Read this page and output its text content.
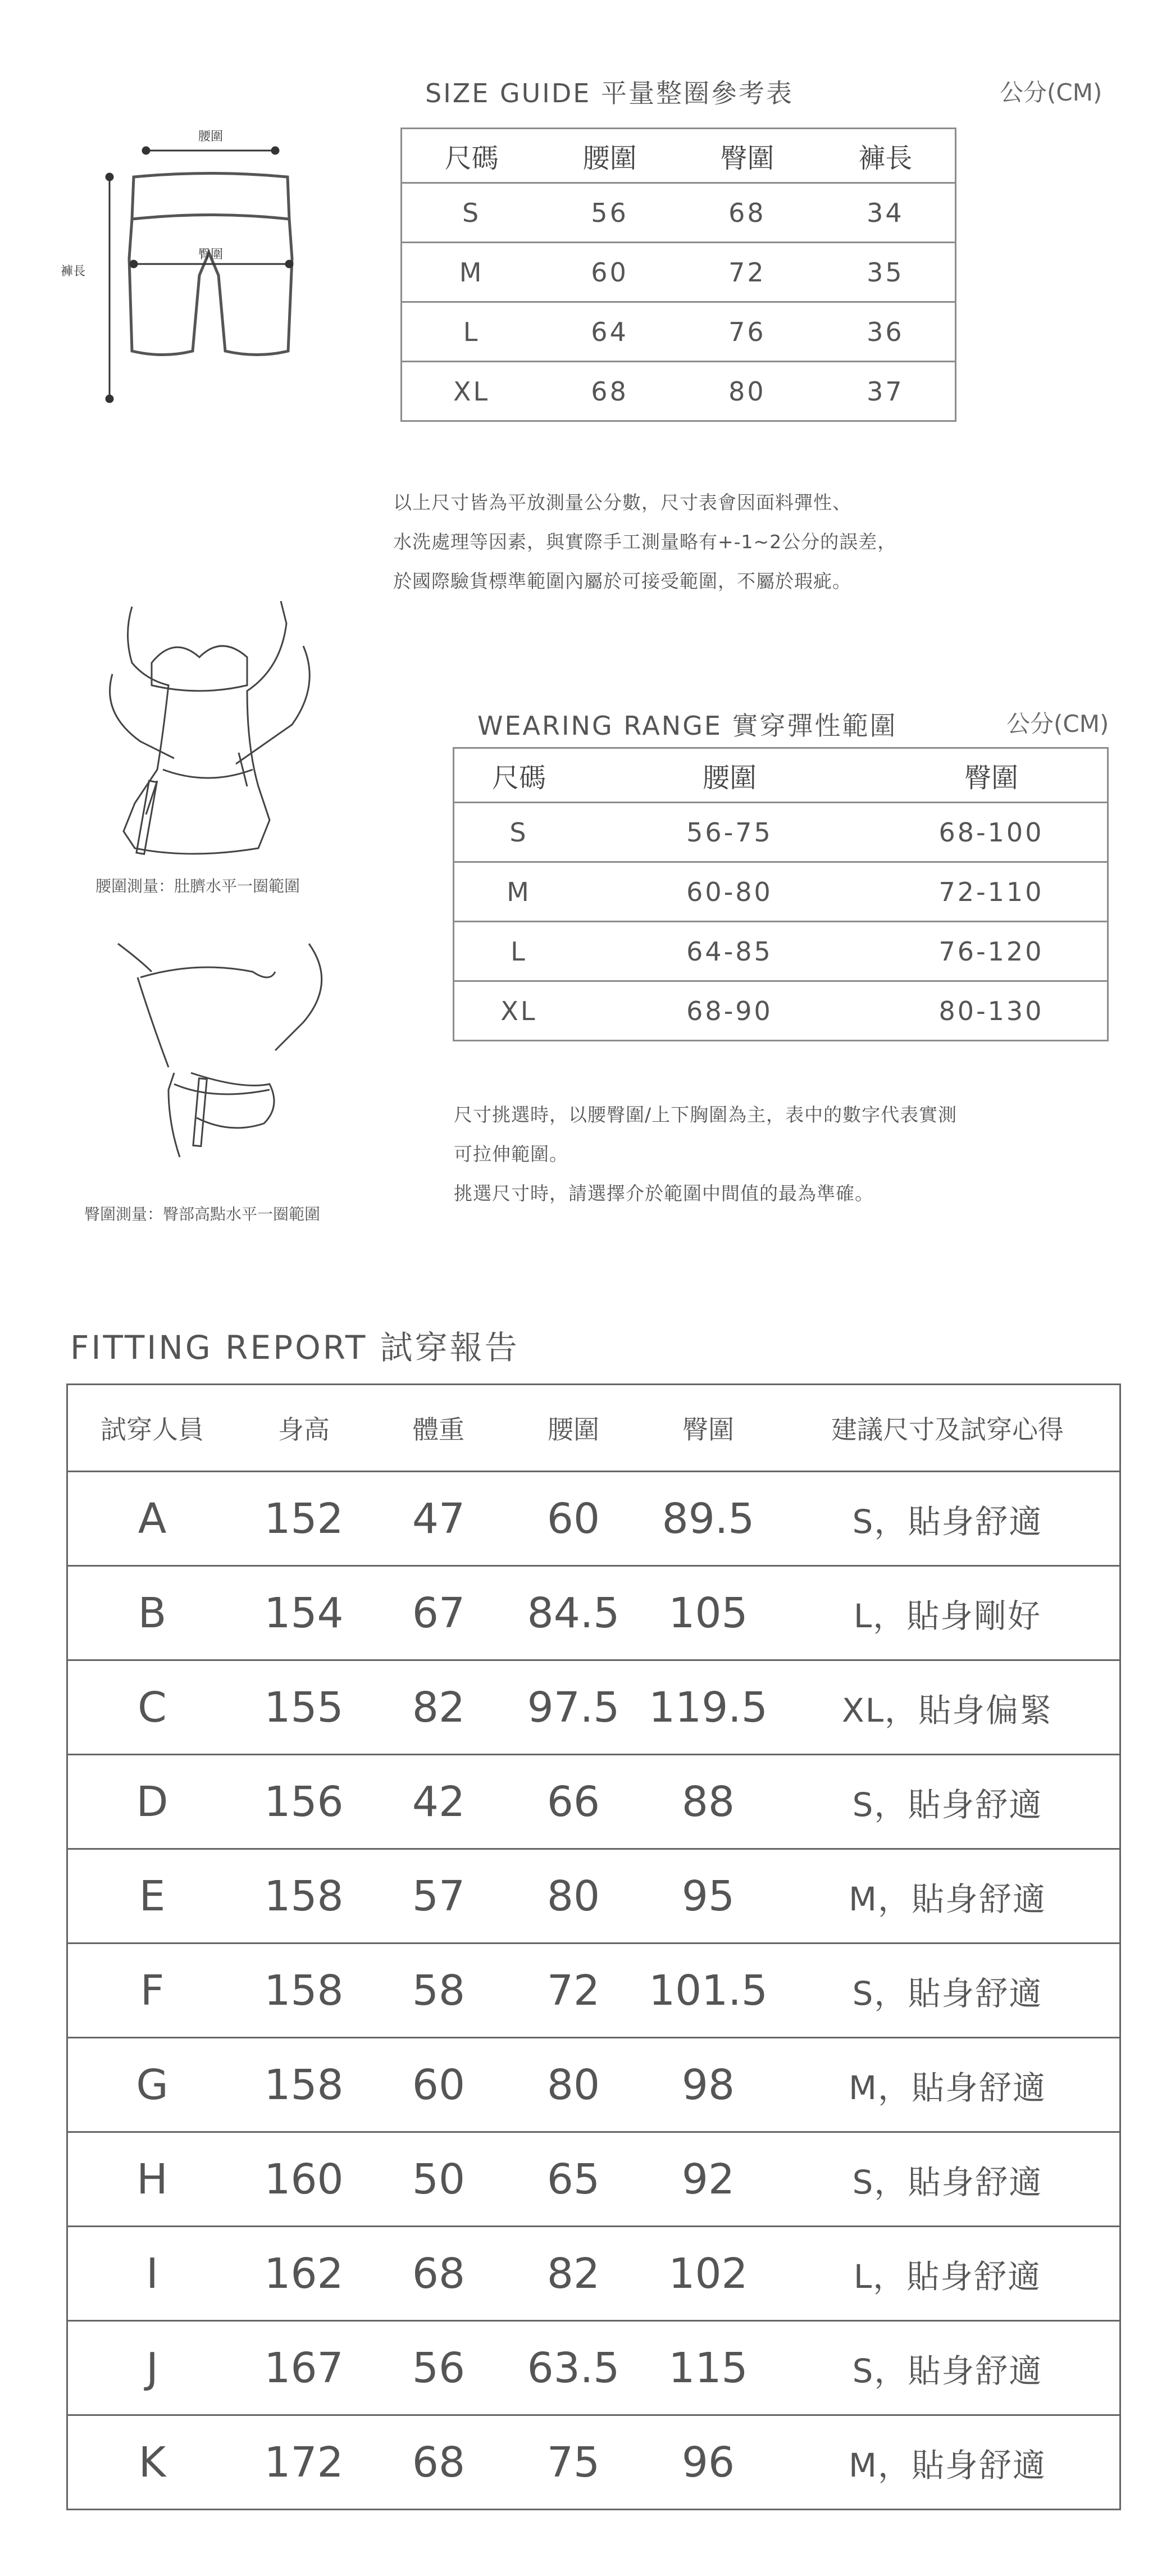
SIZE GUIDE 平量整圈參考表	公分(CM)
腰圍
臀圍
褲長
尺碼	腰圍	臀圍	褲長
S	56	68	34
M	60	72	35
L	64	76	36
XL	68	80	37
以上尺寸皆為平放測量公分數，尺寸表會因面料彈性、
水洗處理等因素，與實際手工測量略有+-1~2公分的誤差，
於國際驗貨標準範圍內屬於可接受範圍，不屬於瑕疵。
腰圍測量：肚臍水平一圈範圍
臀圍測量：臀部高點水平一圈範圍
WEARING RANGE 實穿彈性範圍	公分(CM)
尺碼	腰圍	臀圍
S	56-75	68-100
M	60-80	72-110
L	64-85	76-120
XL	68-90	80-130
尺寸挑選時，以腰臀圍/上下胸圍為主，表中的數字代表實測
可拉伸範圍。
挑選尺寸時，請選擇介於範圍中間值的最為準確。
FITTING REPORT 試穿報告
試穿人員	身高	體重	腰圍	臀圍	建議尺寸及試穿心得
A	152	47	60	89.5	S，貼身舒適
B	154	67	84.5	105	L，貼身剛好
C	155	82	97.5	119.5	XL，貼身偏緊
D	156	42	66	88	S，貼身舒適
E	158	57	80	95	M，貼身舒適
F	158	58	72	101.5	S，貼身舒適
G	158	60	80	98	M，貼身舒適
H	160	50	65	92	S，貼身舒適
I	162	68	82	102	L，貼身舒適
J	167	56	63.5	115	S，貼身舒適
K	172	68	75	96	M，貼身舒適
